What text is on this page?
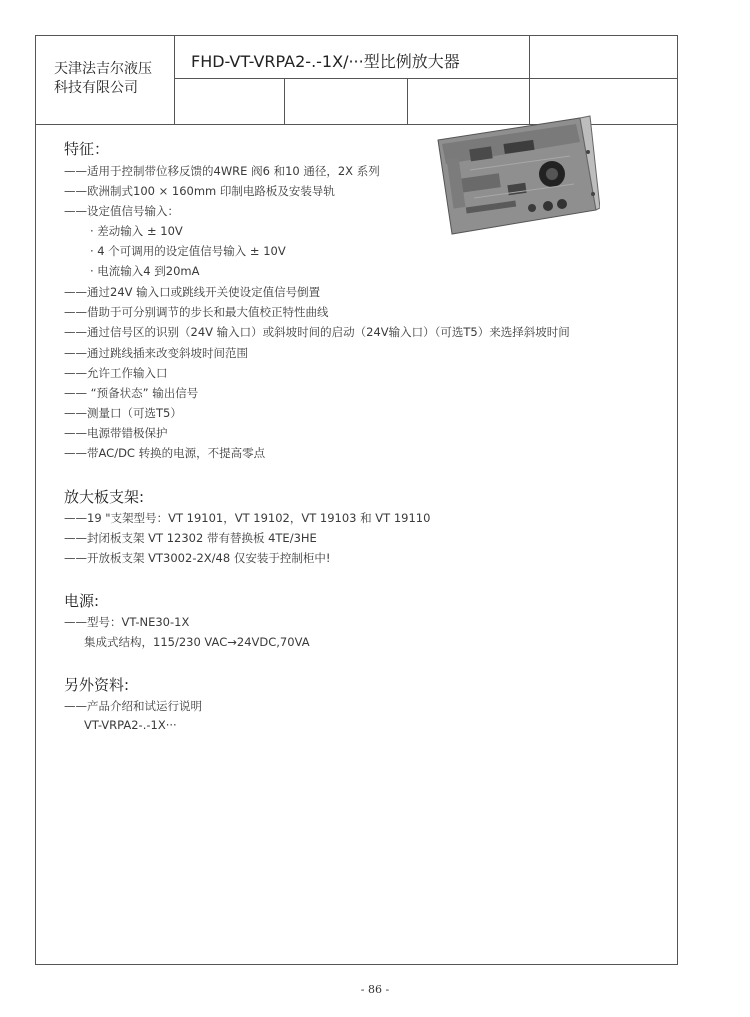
天津法吉尔液压
科技有限公司
FHD-VT-VRPA2-.-1X/···型比例放大器
特征：
——适用于控制带位移反馈的4WRE 阀6 和10 通径，2X 系列
——欧洲制式100 × 160mm 印制电路板及安装导轨
——设定值信号输入：
· 差动输入 ± 10V
· 4 个可调用的设定值信号输入 ± 10V
· 电流输入4 到20mA
——通过24V 输入口或跳线开关使设定值信号倒置
——借助于可分别调节的步长和最大值校正特性曲线
——通过信号区的识别（24V 输入口）或斜坡时间的启动（24V输入口）（可选T5）来选择斜坡时间
——通过跳线插来改变斜坡时间范围
——允许工作输入口
—— “预备状态” 输出信号
——测量口（可选T5）
——电源带错极保护
——带AC/DC 转换的电源，不提高零点
放大板支架:
——19 "支架型号：VT 19101，VT 19102，VT 19103 和 VT 19110
——封闭板支架 VT 12302 带有替换板 4TE/3HE
——开放板支架 VT3002-2X/48 仅安装于控制柜中!
电源:
——型号：VT-NE30-1X
集成式结构，115/230 VAC→24VDC,70VA
另外资料:
——产品介绍和试运行说明
VT-VRPA2-.-1X···
- 86 -
